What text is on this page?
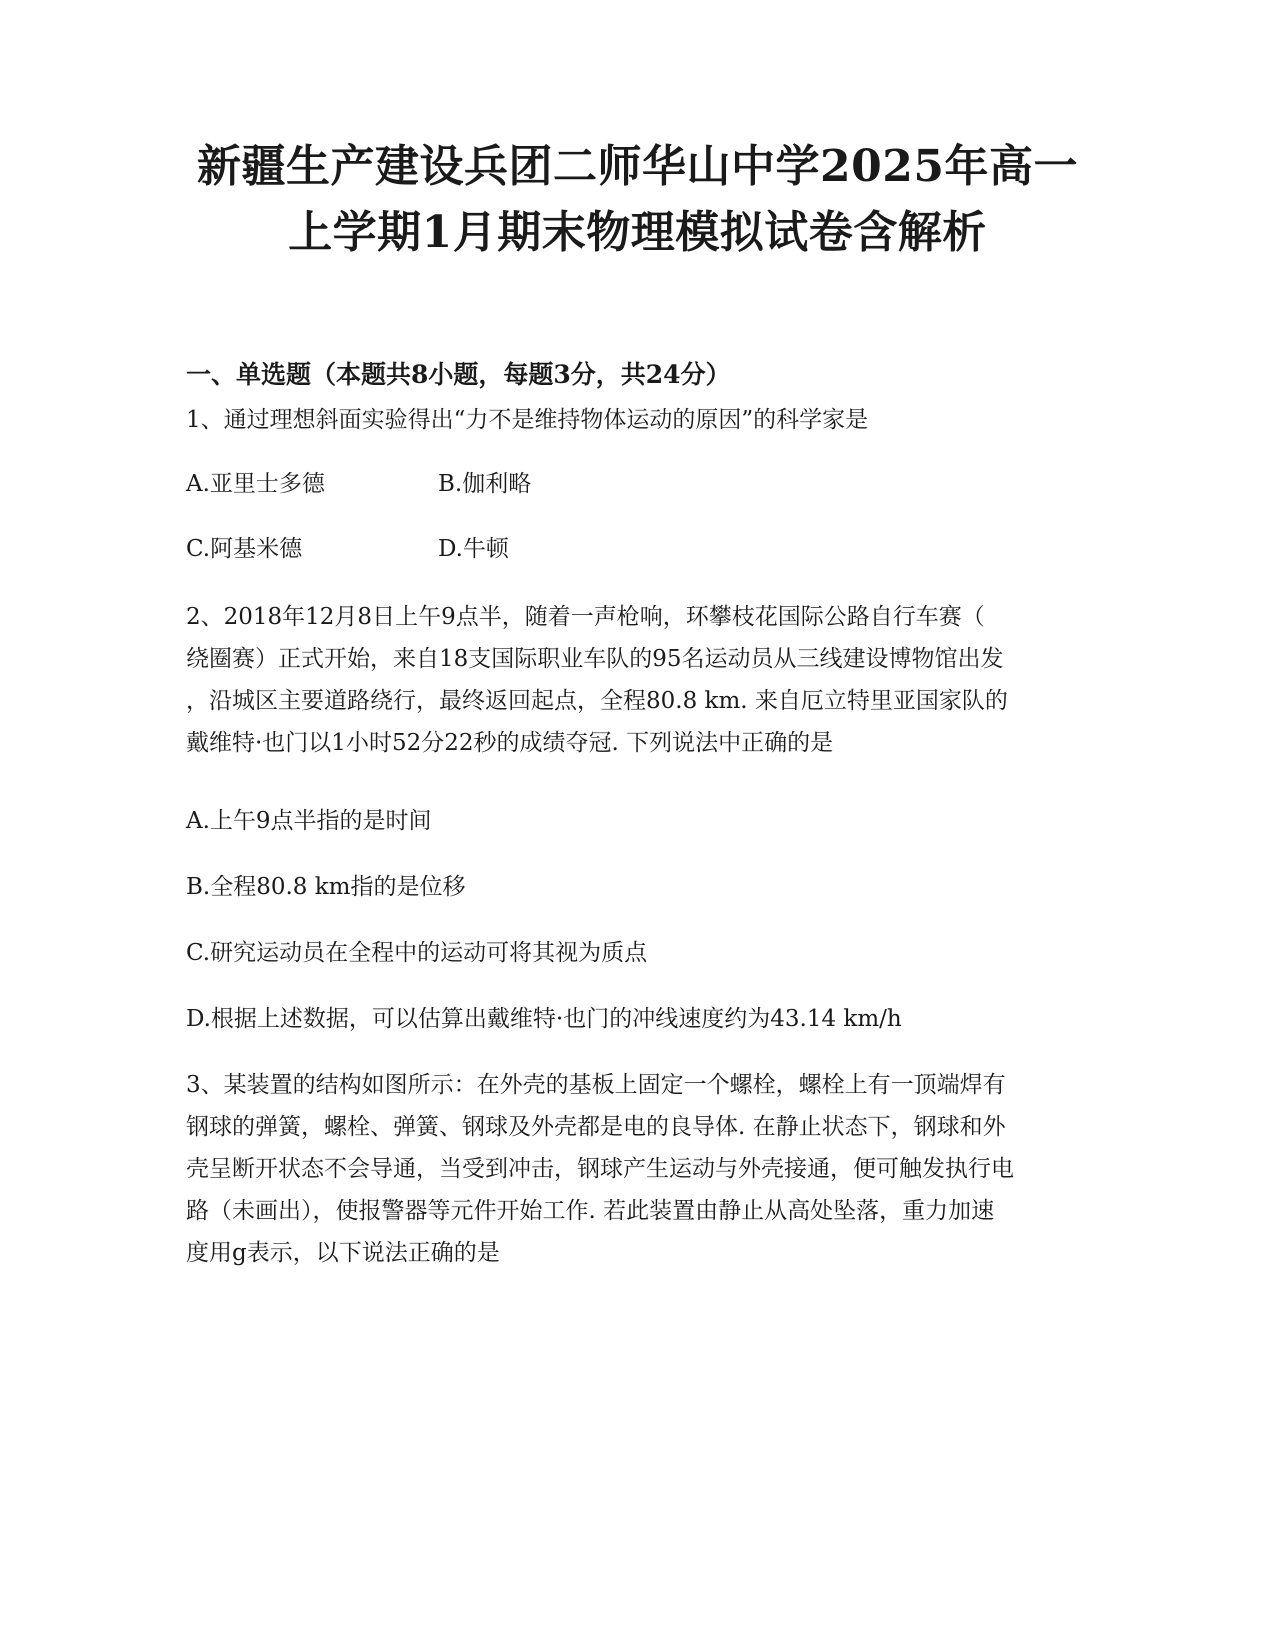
新疆生产建设兵团二师华山中学2025年高一
上学期1月期末物理模拟试卷含解析
一、单选题（本题共8小题，每题3分，共24分）
1、通过理想斜面实验得出“力不是维持物体运动的原因”的科学家是
A.亚里士多德	B.伽利略
C.阿基米德	D.牛顿
2、2018年12月8日上午9点半，随着一声枪响，环攀枝花国际公路自行车赛（
绕圈赛）正式开始，来自18支国际职业车队的95名运动员从三线建设博物馆出发
，沿城区主要道路绕行，最终返回起点，全程80.8 km. 来自厄立特里亚国家队的
戴维特·也门以1小时52分22秒的成绩夺冠. 下列说法中正确的是
A.上午9点半指的是时间
B.全程80.8 km指的是位移
C.研究运动员在全程中的运动可将其视为质点
D.根据上述数据，可以估算出戴维特·也门的冲线速度约为43.14 km/h
3、某装置的结构如图所示：在外壳的基板上固定一个螺栓，螺栓上有一顶端焊有
钢球的弹簧，螺栓、弹簧、钢球及外壳都是电的良导体. 在静止状态下，钢球和外
壳呈断开状态不会导通，当受到冲击，钢球产生运动与外壳接通，便可触发执行电
路（未画出），使报警器等元件开始工作. 若此装置由静止从高处坠落，重力加速
度用g表示，以下说法正确的是
